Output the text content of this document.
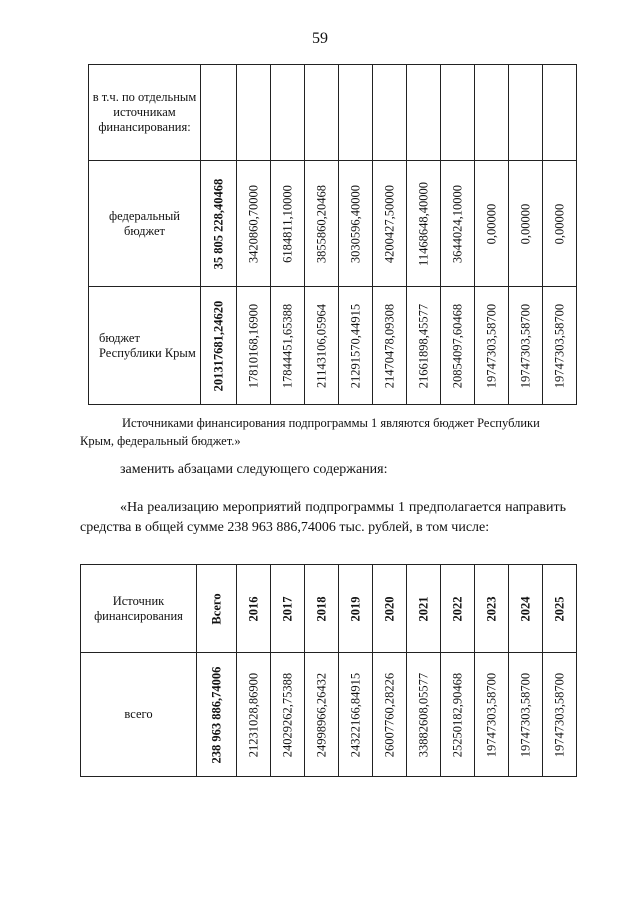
59
в т.ч. по отдельным источникам финансирования:	

федеральный бюджет	35 805 228,40468	3420860,70000	6184811,10000	3855860,20468	3030596,40000	4200427,50000	11468648,40000	3644024,10000	0,00000	0,00000	0,00000

бюджет Республики Крым	201317681,24620	17810168,16900	17844451,65388	21143106,05964	21291570,44915	21470478,09308	21661898,45577	20854097,60468	19747303,58700	19747303,58700	19747303,58700
Источниками финансирования подпрограммы 1 являются бюджет Республики Крым, федеральный бюджет.»
заменить абзацами следующего содержания:
«На реализацию мероприятий подпрограммы 1 предполагается направить средства в общей сумме 238 963 886,74006 тыс. рублей, в том числе:
Источник финансирования	Всего	2016	2017	2018	2019	2020	2021	2022	2023	2024	2025

всего	238 963 886,74006	21231028,86900	24029262,75388	24998966,26432	24322166,84915	26007760,28226	33882608,05577	25250182,90468	19747303,58700	19747303,58700	19747303,58700
